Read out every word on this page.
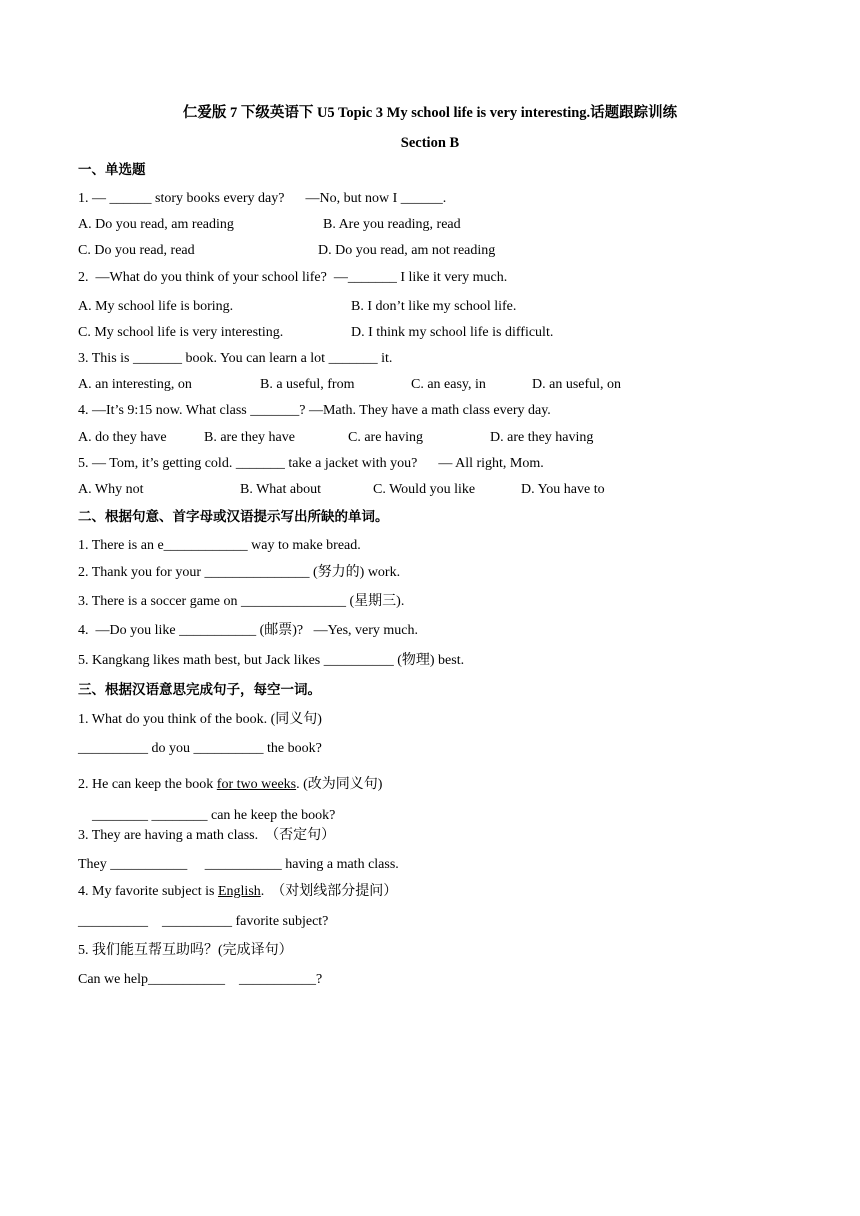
仁爱版 7 下级英语下 U5 Topic 3 My school life is very interesting.话题跟踪训练
Section B
一、单选题
1. — ______ story books every day?      —No, but now I ______.
A. Do you read, am reading	B. Are you reading, read
C. Do you read, read	D. Do you read, am not reading
2.  —What do you think of your school life?  —_______ I like it very much.
A. My school life is boring.	B. I don’t like my school life.
C. My school life is very interesting.	D. I think my school life is difficult.
3. This is _______ book. You can learn a lot _______ it.
A. an interesting, on	B. a useful, from	C. an easy, in	D. an useful, on
4. —It’s 9:15 now. What class _______? —Math. They have a math class every day.
A. do they have	B. are they have	C. are having	D. are they having
5. — Tom, it’s getting cold. _______ take a jacket with you?      — All right, Mom.
A. Why not	B. What about	C. Would you like	D. You have to
二、根据句意、首字母或汉语提示写出所缺的单词。
1. There is an e____________ way to make bread.
2. Thank you for your _______________ (努力的) work.
3. There is a soccer game on _______________ (星期三).
4.  —Do you like ___________ (邮票)?   —Yes, very much.
5. Kangkang likes math best, but Jack likes __________ (物理) best.
三、根据汉语意思完成句子，每空一词。
1. What do you think of the book. (同义句)
__________ do you __________ the book?
2. He can keep the book for two weeks. (改为同义句)
________ ________ can he keep the book?
3. They are having a math class.  （否定句）
They ___________     ___________ having a math class.
4. My favorite subject is English.  （对划线部分提问）
__________    __________ favorite subject?
5. 我们能互帮互助吗？(完成译句）
Can we help___________    ___________?
